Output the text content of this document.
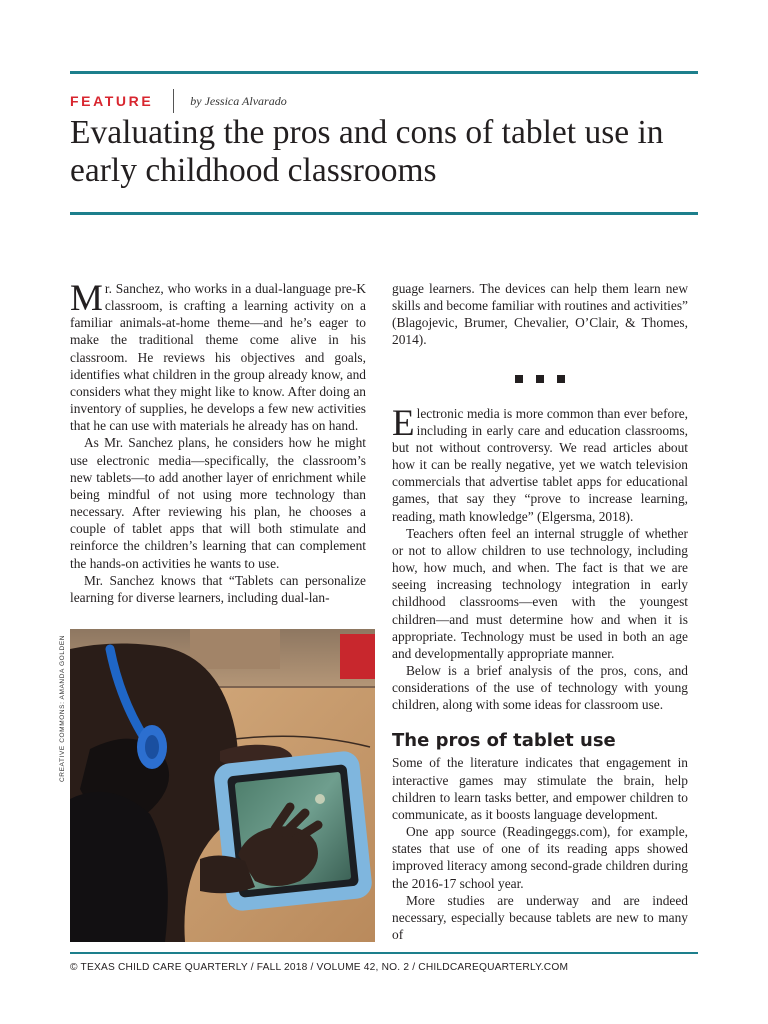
FEATURE	by Jessica Alvarado
Evaluating the pros and cons of tablet use in early childhood classrooms

Mr. Sanchez, who works in a dual-language pre-K classroom, is crafting a learning activity on a familiar animals-at-home theme—and he’s eager to make the traditional theme come alive in his classroom. He reviews his objectives and goals, identifies what children in the group already know, and considers what they might like to know. After doing an inventory of supplies, he develops a few new activities that he can use with materials he already has on hand.

As Mr. Sanchez plans, he considers how he might use electronic media—specifically, the classroom’s new tablets—to add another layer of enrichment while being mindful of not using more technology than necessary. After reviewing his plan, he chooses a couple of tablet apps that will both stimulate and reinforce the children’s learning that can complement the hands-on activities he wants to use.

Mr. Sanchez knows that “Tablets can personalize learning for diverse learners, including dual-lan-

guage learners. The devices can help them learn new skills and become familiar with routines and activities” (Blagojevic, Brumer, Chevalier, O’Clair, & Thomes, 2014).

Electronic media is more common than ever before, including in early care and education classrooms, but not without controversy. We read articles about how it can be really negative, yet we watch television commercials that advertise tablet apps for educational games, that say they “prove to increase learning, reading, math knowledge” (Elgersma, 2018).

Teachers often feel an internal struggle of whether or not to allow children to use technology, including how, how much, and when. The fact is that we are seeing increasing technology integration in early childhood classrooms—even with the youngest children—and must determine how and when it is appropriate. Technology must be used in both an age and developmentally appropriate manner.

Below is a brief analysis of the pros, cons, and considerations of the use of technology with young children, along with some ideas for classroom use.

The pros of tablet use

Some of the literature indicates that engagement in interactive games may stimulate the brain, help children to learn tasks better, and empower children to communicate, as it boosts language development.

One app source (Readingeggs.com), for example, states that use of one of its reading apps showed improved literacy among second-grade children during the 2016-17 school year.

More studies are underway and are indeed necessary, especially because tablets are new to many of

CREATIVE COMMONS: AMANDA GOLDEN
© TEXAS CHILD CARE QUARTERLY / FALL 2018 / VOLUME 42, NO. 2 / CHILDCAREQUARTERLY.COM
